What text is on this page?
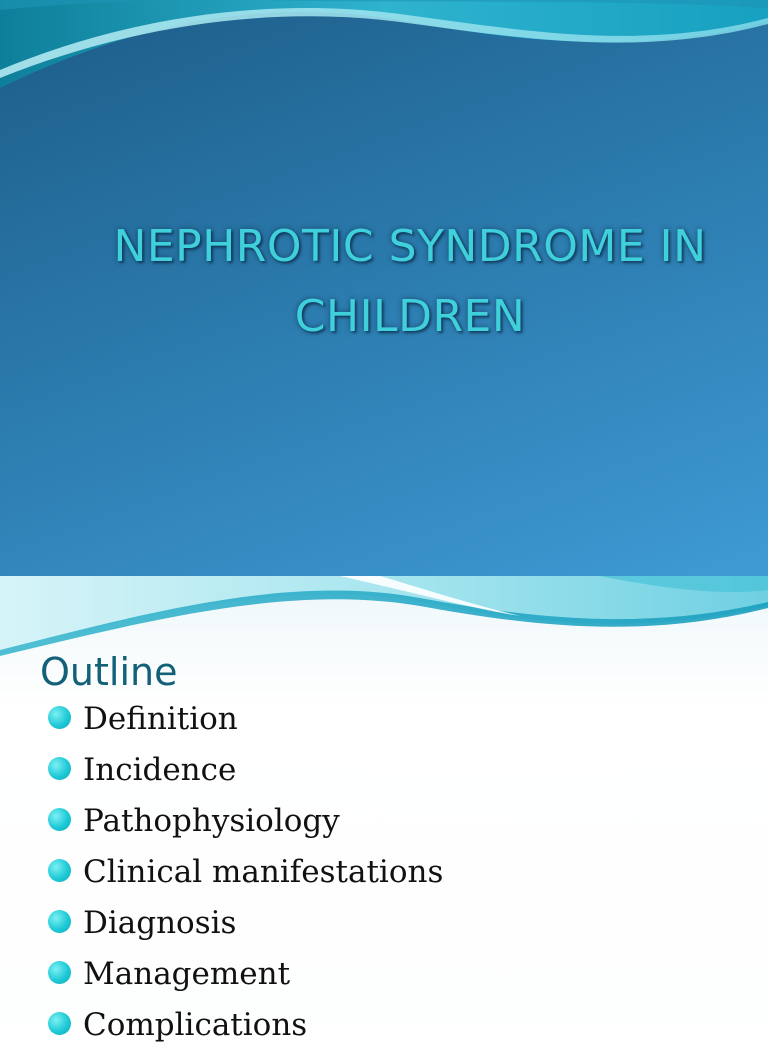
NEPHROTIC SYNDROME IN
CHILDREN
Outline
Definition
Incidence
Pathophysiology
Clinical manifestations
Diagnosis
Management
Complications
